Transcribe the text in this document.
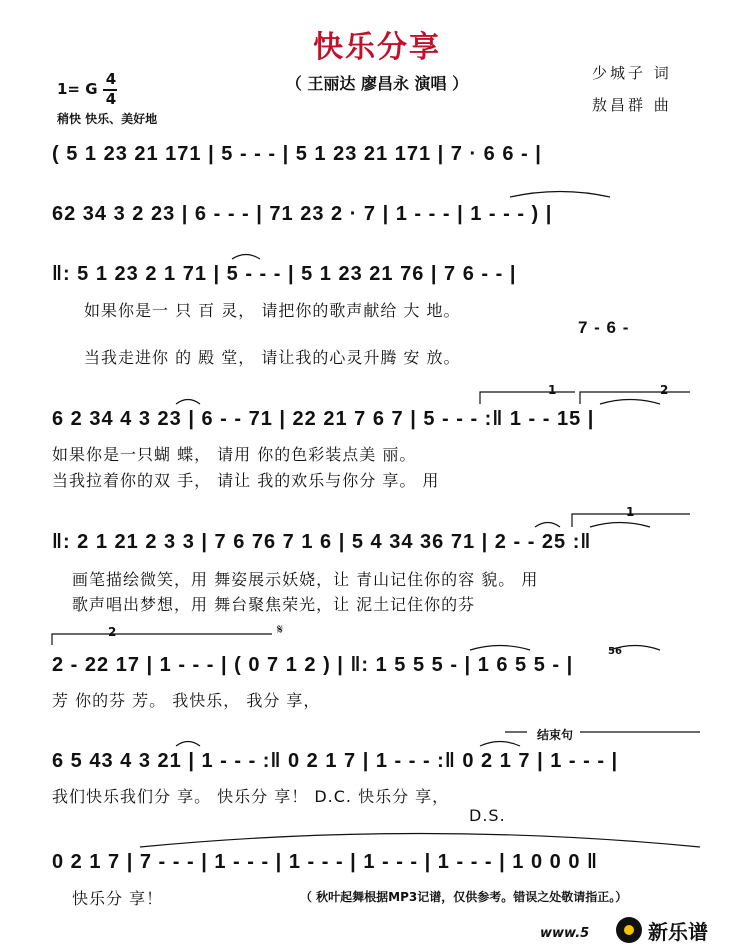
快乐分享
（ 王丽达 廖昌永 演唱 ）
1= G
4
4
稍快 快乐、美好地
少城子 词
敖昌群 曲
( 5 1 23 21 171 | 5 - - - | 5 1 23 21 171 | 7 · 6 6 - |
62 34 3 2 23 | 6 - - - | 71 23 2 · 7 | 1 - - - | 1 - - - ) |
‖: 5 1 23 2 1 71 | 5 - - - | 5 1 23 21 76 | 7 6 - - |
如果你是一 只 百 灵， 请把你的歌声献给 大 地。
7 - 6 -
当我走进你 的 殿 堂， 请让我的心灵升腾 安 放。
1	2
6 2 34 4 3 23 | 6 - - 71 | 22 21 7 6 7 | 5 - - - :‖ 1 - - 15 |
如果你是一只蝴 蝶， 请用 你的色彩装点美 丽。
当我拉着你的双 手， 请让 我的欢乐与你分 享。 用
1
‖: 2 1 21 2 3 3 | 7 6 76 7 1 6 | 5 4 34 36 71 | 2 - - 25 :‖
画笔描绘微笑，用 舞姿展示妖娆，让 青山记住你的容 貌。 用
歌声唱出梦想，用 舞台聚焦荣光，让 泥土记住你的芬
2	𝄋
56
2 - 22 17 | 1 - - - | ( 0 7 1 2 ) | ‖: 1 5 5 5 - | 1 6 5 5 - |
芳 你的芬 芳。 我快乐， 我分 享，
结束句
6 5 43 4 3 21 | 1 - - - :‖ 0 2 1 7 | 1 - - - :‖ 0 2 1 7 | 1 - - - |
我们快乐我们分 享。 快乐分 享！ D.C. 快乐分 享，
D.S.
0 2 1 7 | 7 - - - | 1 - - - | 1 - - - | 1 - - - | 1 - - - | 1 0 0 0 ‖
快乐分 享！	（ 秋叶起舞根据MP3记谱，仅供参考。错误之处敬请指正。）
www.5	新乐谱
